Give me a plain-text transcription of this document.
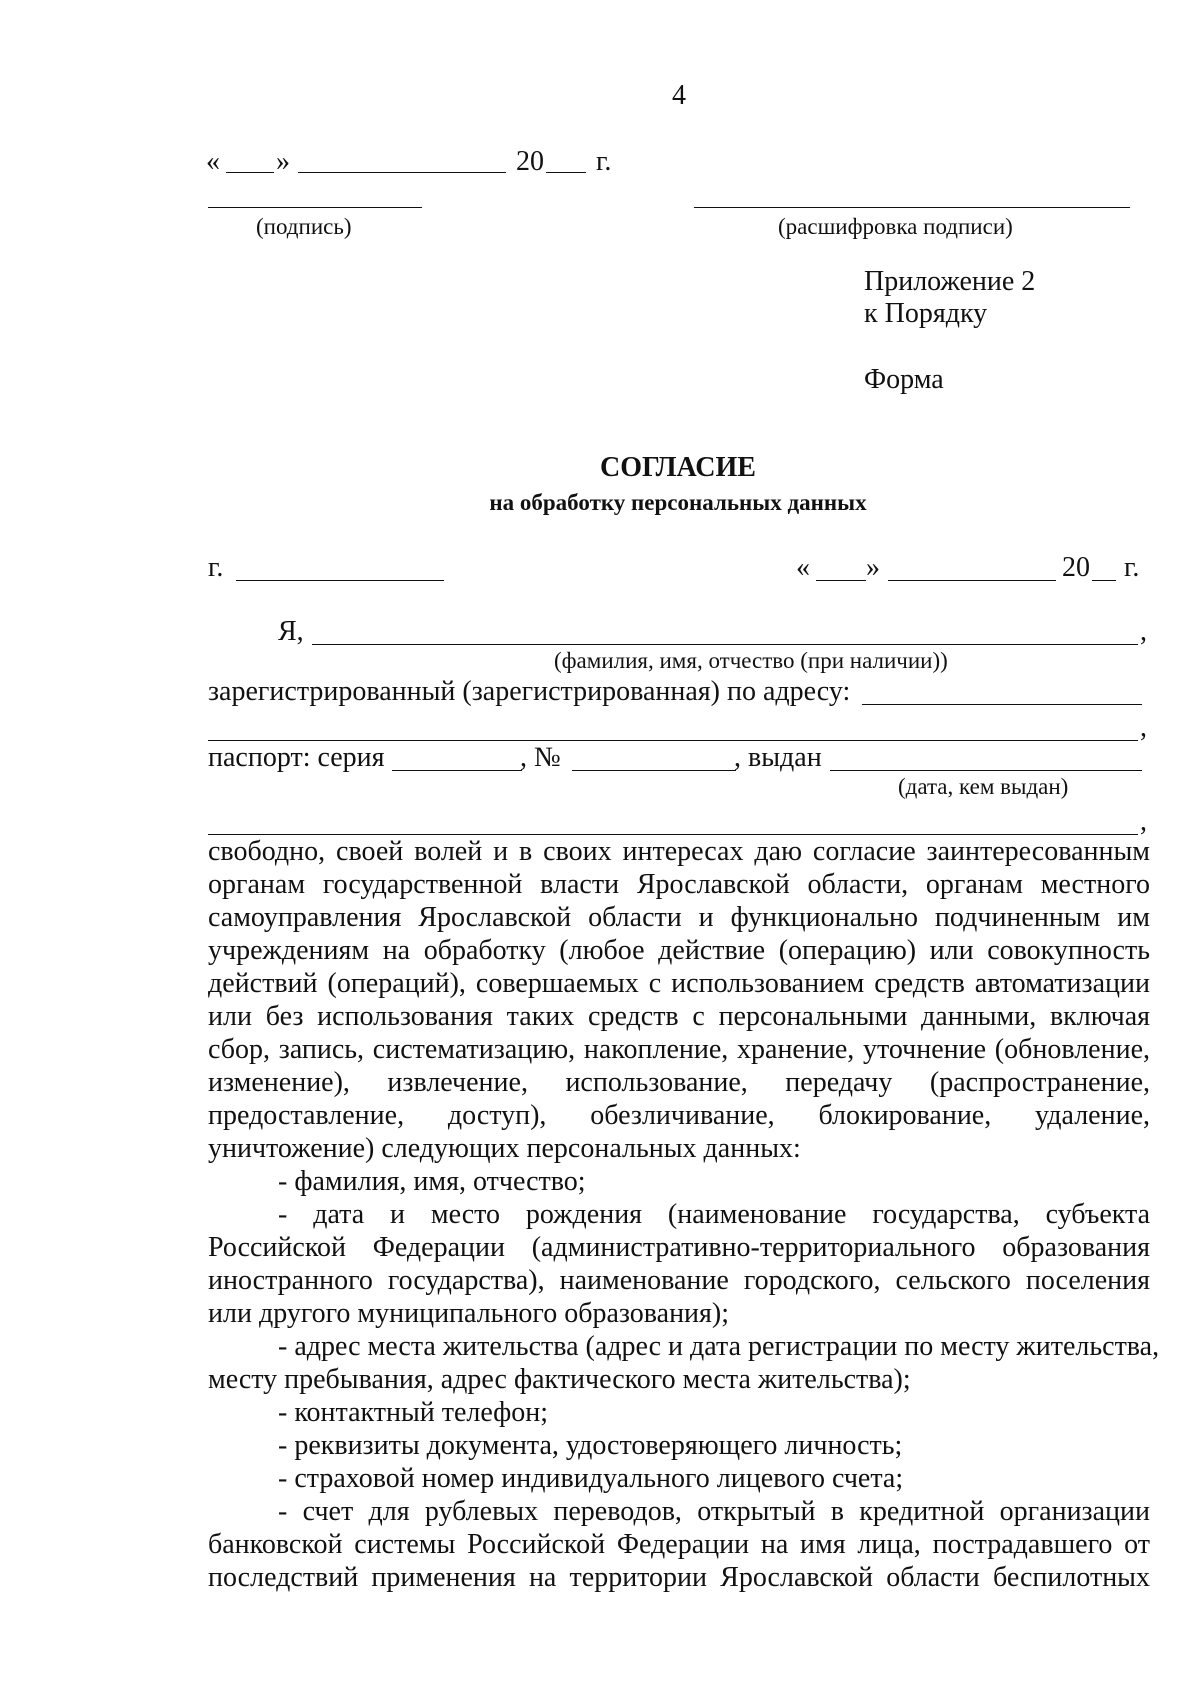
4
« »	20 г.
(подпись)	(расшифровка подписи)
Приложение 2
к Порядку
Форма
СОГЛАСИЕ
на обработку персональных данных
г.	« »	20 г.
Я,	,
(фамилия, имя, отчество (при наличии))
зарегистрированный (зарегистрированная) по адресу:
,
паспорт: серия	, №	, выдан
(дата, кем выдан)
,
свободно, своей волей и в своих интересах даю согласие заинтересованным
органам государственной власти Ярославской области, органам местного
самоуправления Ярославской области и функционально подчиненным им
учреждениям на обработку (любое действие (операцию) или совокупность
действий (операций), совершаемых с использованием средств автоматизации
или без использования таких средств с персональными данными, включая
сбор, запись, систематизацию, накопление, хранение, уточнение (обновление,
изменение), извлечение, использование, передачу (распространение,
предоставление, доступ), обезличивание, блокирование, удаление,
уничтожение) следующих персональных данных:
- фамилия, имя, отчество;
- дата и место рождения (наименование государства, субъекта
Российской Федерации (административно-территориального образования
иностранного государства), наименование городского, сельского поселения
или другого муниципального образования);
- адрес места жительства (адрес и дата регистрации по месту жительства,
месту пребывания, адрес фактического места жительства);
- контактный телефон;
- реквизиты документа, удостоверяющего личность;
- страховой номер индивидуального лицевого счета;
- счет для рублевых переводов, открытый в кредитной организации
банковской системы Российской Федерации на имя лица, пострадавшего от
последствий применения на территории Ярославской области беспилотных
